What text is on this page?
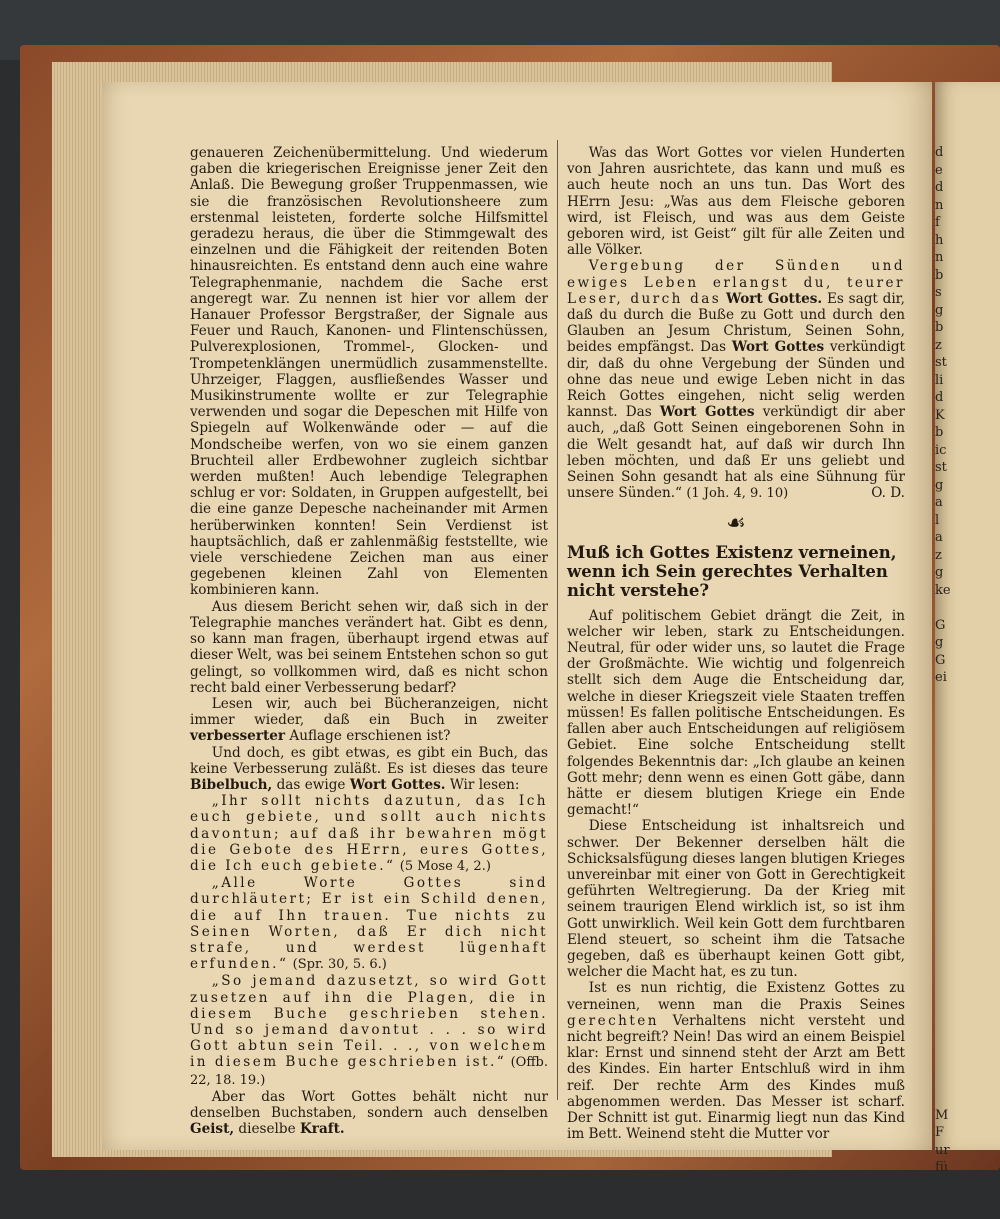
d
e
d
n
f
h
n
b
s
g
b
z
st
li
d
K
b
ic
st
g
a
l
a
z
g
ke

G
g
G
ei

M
F
ur
fü

genaueren Zeichenübermittelung. Und wiederum gaben die kriegerischen Ereignisse jener Zeit den Anlaß. Die Bewegung großer Truppenmassen, wie sie die französischen Revolutionsheere zum erstenmal leisteten, forderte solche Hilfsmittel geradezu heraus, die über die Stimmgewalt des einzelnen und die Fähigkeit der reitenden Boten hinausreichten. Es entstand denn auch eine wahre Telegraphenmanie, nachdem die Sache erst angeregt war. Zu nennen ist hier vor allem der Hanauer Professor Bergstraßer, der Signale aus Feuer und Rauch, Kanonen- und Flintenschüssen, Pulverexplosionen, Trommel-, Glocken- und Trompetenklängen unermüdlich zusammenstellte. Uhrzeiger, Flaggen, ausfließendes Wasser und Musikinstrumente wollte er zur Telegraphie verwenden und sogar die Depeschen mit Hilfe von Spiegeln auf Wolkenwände oder — auf die Mondscheibe werfen, von wo sie einem ganzen Bruchteil aller Erdbewohner zugleich sichtbar werden mußten! Auch lebendige Telegraphen schlug er vor: Soldaten, in Gruppen aufgestellt, bei die eine ganze Depesche nacheinander mit Armen herüberwinken konnten! Sein Verdienst ist hauptsächlich, daß er zahlenmäßig feststellte, wie viele verschiedene Zeichen man aus einer gegebenen kleinen Zahl von Elementen kombinieren kann.

Aus diesem Bericht sehen wir, daß sich in der Telegraphie manches verändert hat. Gibt es denn, so kann man fragen, überhaupt irgend etwas auf dieser Welt, was bei seinem Entstehen schon so gut gelingt, so vollkommen wird, daß es nicht schon recht bald einer Verbesserung bedarf?

Lesen wir, auch bei Bücheranzeigen, nicht immer wieder, daß ein Buch in zweiter verbesserter Auflage erschienen ist?

Und doch, es gibt etwas, es gibt ein Buch, das keine Verbesserung zuläßt. Es ist dieses das teure Bibelbuch, das ewige Wort Gottes. Wir lesen:

„Ihr sollt nichts dazutun, das Ich euch gebiete, und sollt auch nichts davontun; auf daß ihr bewahren mögt die Gebote des HErrn, eures Gottes, die Ich euch gebiete.“ (5 Mose 4, 2.)

„Alle Worte Gottes sind durchläutert; Er ist ein Schild denen, die auf Ihn trauen. Tue nichts zu Seinen Worten, daß Er dich nicht strafe, und werdest lügenhaft erfunden.“ (Spr. 30, 5. 6.)

„So jemand dazusetzt, so wird Gott zusetzen auf ihn die Plagen, die in diesem Buche geschrieben stehen. Und so jemand davontut . . . so wird Gott abtun sein Teil. . ., von welchem in diesem Buche geschrieben ist.“ (Offb. 22, 18. 19.)

Aber das Wort Gottes behält nicht nur denselben Buchstaben, sondern auch denselben Geist, dieselbe Kraft.

Was das Wort Gottes vor vielen Hunderten von Jahren ausrichtete, das kann und muß es auch heute noch an uns tun. Das Wort des HErrn Jesu: „Was aus dem Fleische geboren wird, ist Fleisch, und was aus dem Geiste geboren wird, ist Geist“ gilt für alle Zeiten und alle Völker.

Vergebung der Sünden und ewiges Leben erlangst du, teurer Leser, durch das Wort Gottes. Es sagt dir, daß du durch die Buße zu Gott und durch den Glauben an Jesum Christum, Seinen Sohn, beides empfängst. Das Wort Gottes verkündigt dir, daß du ohne Vergebung der Sünden und ohne das neue und ewige Leben nicht in das Reich Gottes eingehen, nicht selig werden kannst. Das Wort Gottes verkündigt dir aber auch, „daß Gott Seinen eingeborenen Sohn in die Welt gesandt hat, auf daß wir durch Ihn leben möchten, und daß Er uns geliebt und Seinen Sohn gesandt hat als eine Sühnung für unsere Sünden.“ (1 Joh. 4, 9. 10)	O. D.

☙
Muß ich Gottes Existenz verneinen, wenn ich Sein gerechtes Verhalten nicht verstehe?

Auf politischem Gebiet drängt die Zeit, in welcher wir leben, stark zu Entscheidungen. Neutral, für oder wider uns, so lautet die Frage der Großmächte. Wie wichtig und folgenreich stellt sich dem Auge die Entscheidung dar, welche in dieser Kriegszeit viele Staaten treffen müssen! Es fallen politische Entscheidungen. Es fallen aber auch Entscheidungen auf religiösem Gebiet. Eine solche Entscheidung stellt folgendes Bekenntnis dar: „Ich glaube an keinen Gott mehr; denn wenn es einen Gott gäbe, dann hätte er diesem blutigen Kriege ein Ende gemacht!“

Diese Entscheidung ist inhaltsreich und schwer. Der Bekenner derselben hält die Schicksalsfügung dieses langen blutigen Krieges unvereinbar mit einer von Gott in Gerechtigkeit geführten Weltregierung. Da der Krieg mit seinem traurigen Elend wirklich ist, so ist ihm Gott unwirklich. Weil kein Gott dem furchtbaren Elend steuert, so scheint ihm die Tatsache gegeben, daß es überhaupt keinen Gott gibt, welcher die Macht hat, es zu tun.

Ist es nun richtig, die Existenz Gottes zu verneinen, wenn man die Praxis Seines gerechten Verhaltens nicht versteht und nicht begreift? Nein! Das wird an einem Beispiel klar: Ernst und sinnend steht der Arzt am Bett des Kindes. Ein harter Entschluß wird in ihm reif. Der rechte Arm des Kindes muß abgenommen werden. Das Messer ist scharf. Der Schnitt ist gut. Einarmig liegt nun das Kind im Bett. Weinend steht die Mutter vor
